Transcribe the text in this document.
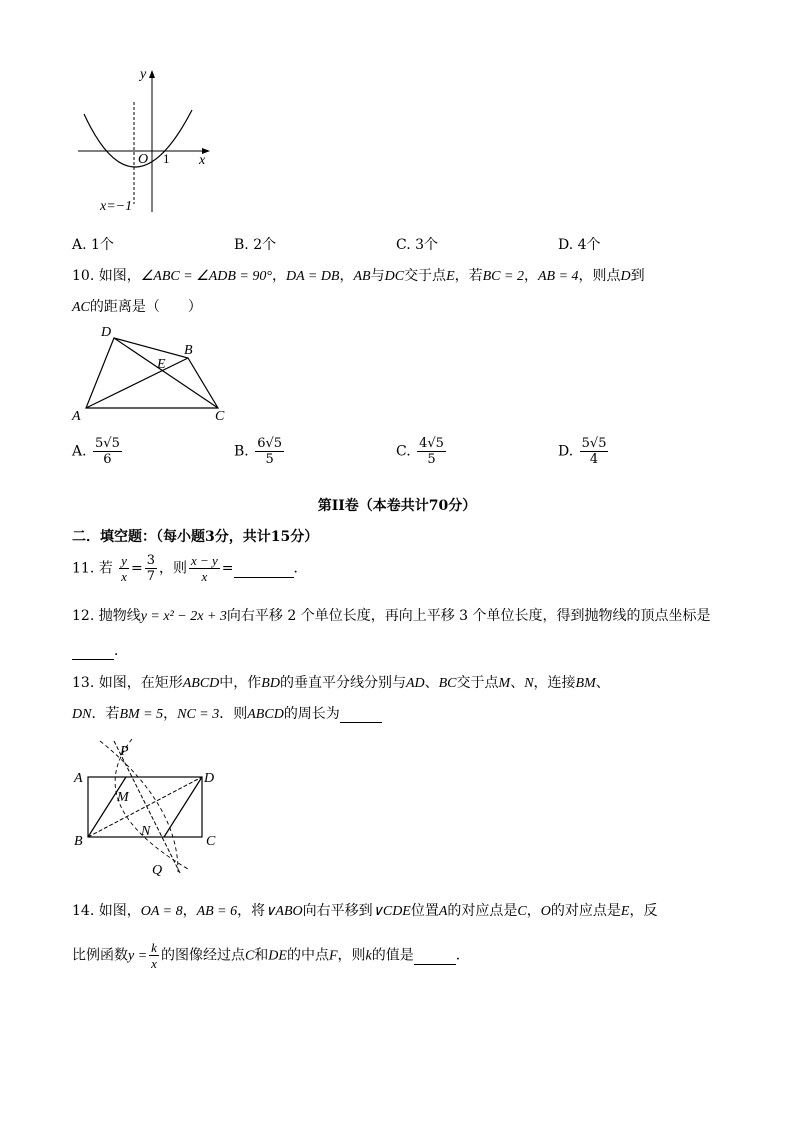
y
x
O 1
x=−1
A. 1个	B. 2个	C. 3个	D. 4个
10. 如图，∠ABC = ∠ADB = 90°，DA = DB，AB与DC交于点E，若BC = 2，AB = 4，则点D到
AC的距离是（　　）
D
B
E
A	C
A. $\frac{5√5}{6}$	B. $\frac{6√5}{5}$	C. $\frac{4√5}{5}$	D. $\frac{5√5}{4}$
第II卷（本卷共计70分）
二．填空题：（每小题3分，共计15分）
11. 若 $\frac{y}{x} = \frac{3}{7}$ ，则 $\frac{x - y}{x}$ =	．
12. 抛物线y = x² − 2x + 3向右平移 2 个单位长度，再向上平移 3 个单位长度，得到抛物线的顶点坐标是
．
13. 如图，在矩形ABCD中，作BD的垂直平分线分别与AD、BC交于点M、N，连接BM、
DN．若BM = 5，NC = 3．则ABCD的周长为
P
A	D
M
B
N
C
Q
14. 如图，OA = 8，AB = 6，将∨ABO向右平移到∨CDE位置A的对应点是C，O的对应点是E，反
比例函数$y = \frac{k}{x}$ 的图像经过点C和DE的中点F，则k的值是	．
